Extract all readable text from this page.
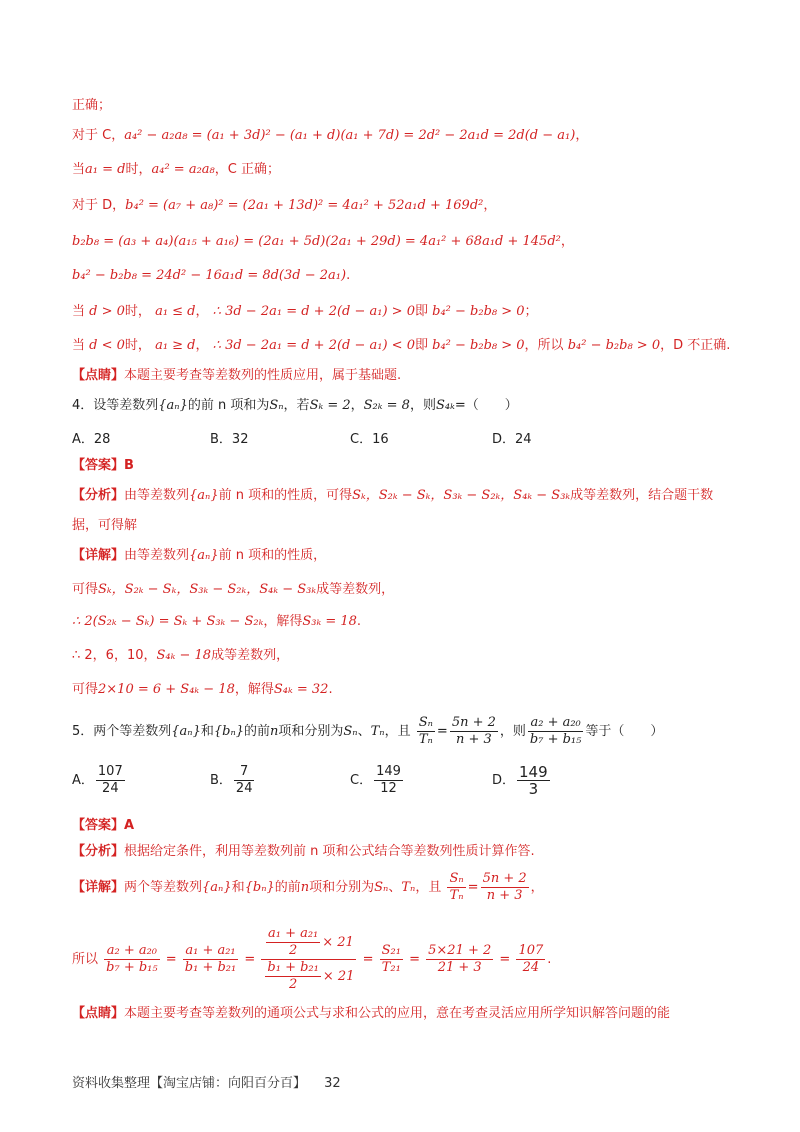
正确；
对于 C，a₄² − a₂a₈ = (a₁ + 3d)² − (a₁ + d)(a₁ + 7d) = 2d² − 2a₁d = 2d(d − a₁)，
当a₁ = d时，a₄² = a₂a₈，C 正确；
对于 D，b₄² = (a₇ + a₈)² = (2a₁ + 13d)² = 4a₁² + 52a₁d + 169d²，
b₂b₈ = (a₃ + a₄)(a₁₅ + a₁₆) = (2a₁ + 5d)(2a₁ + 29d) = 4a₁² + 68a₁d + 145d²，
b₄² − b₂b₈ = 24d² − 16a₁d = 8d(3d − 2a₁).
当 d > 0时， a₁ ≤ d， ∴ 3d − 2a₁ = d + 2(d − a₁) > 0即 b₄² − b₂b₈ > 0；
当 d < 0时， a₁ ≥ d， ∴ 3d − 2a₁ = d + 2(d − a₁) < 0即 b₄² − b₂b₈ > 0，所以 b₄² − b₂b₈ > 0，D 不正确.
【点睛】本题主要考查等差数列的性质应用，属于基础题.
4．设等差数列{aₙ}的前 n 项和为Sₙ，若Sₖ = 2，S₂ₖ = 8，则S₄ₖ=（　　）
A．28	B．32	C．16	D．24
【答案】B
【分析】由等差数列{aₙ}前 n 项和的性质，可得Sₖ，S₂ₖ − Sₖ，S₃ₖ − S₂ₖ，S₄ₖ − S₃ₖ成等差数列，结合题干数
据，可得解
【详解】由等差数列{aₙ}前 n 项和的性质，
可得Sₖ，S₂ₖ − Sₖ，S₃ₖ − S₂ₖ，S₄ₖ − S₃ₖ成等差数列，
∴ 2(S₂ₖ − Sₖ) = Sₖ + S₃ₖ − S₂ₖ，解得S₃ₖ = 18.
∴ 2，6，10，S₄ₖ − 18成等差数列，
可得2×10 = 6 + S₄ₖ − 18，解得S₄ₖ = 32.
5．两个等差数列{aₙ}和{bₙ}的前n项和分别为Sₙ、Tₙ，且 $\frac{\text{Sₙ}}{\text{Tₙ}} = \frac{5n + 2}{n + 3}$ ，则 $\frac{\text{a₂ + a₂₀}}{\text{b₇ + b₁₅}}$ 等于（　　）
A． $\frac{107}{24}$	B． $\frac{7}{24}$	C． $\frac{149}{12}$	D． $\frac{149}{3}$
【答案】A
【分析】根据给定条件，利用等差数列前 n 项和公式结合等差数列性质计算作答.
【详解】两个等差数列{aₙ}和{bₙ}的前n项和分别为Sₙ、Tₙ，且 $\frac{\text{Sₙ}}{\text{Tₙ}} = \frac{5n + 2}{n + 3}$ ，
所以 $\frac{\text{a₂ + a₂₀}}{\text{b₇ + b₁₅}} = \frac{\text{a₁ + a₂₁}}{\text{b₁ + b₂₁}} = \frac{\frac{\text{a₁ + a₂₁}}{2} \times 21}{\frac{\text{b₁ + b₂₁}}{2} \times 21} = \frac{\text{S₂₁}}{\text{T₂₁}} = \frac{5\times 21 + 2}{21 + 3} = \frac{107}{24}$ .
【点睛】本题主要考查等差数列的通项公式与求和公式的应用，意在考查灵活应用所学知识解答问题的能
资料收集整理【淘宝店铺：向阳百分百】 32
